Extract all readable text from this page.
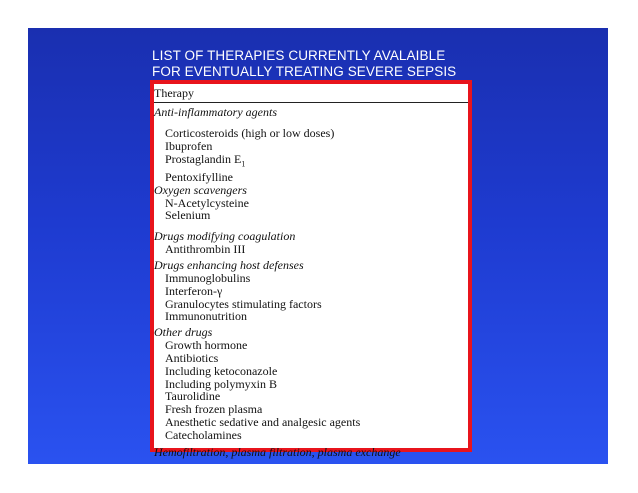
LIST OF THERAPIES CURRENTLY AVALAIBLE
FOR EVENTUALLY TREATING SEVERE SEPSIS
Therapy
Anti-inflammatory agents
Corticosteroids (high or low doses)
Ibuprofen
Prostaglandin $E_1$
Pentoxifylline
Oxygen scavengers
N-Acetylcysteine
Selenium
Drugs modifying coagulation
Antithrombin III
Drugs enhancing host defenses
Immunoglobulins
Interferon-γ
Granulocytes stimulating factors
Immunonutrition
Other drugs
Growth hormone
Antibiotics
Including ketoconazole
Including polymyxin B
Taurolidine
Fresh frozen plasma
Anesthetic sedative and analgesic agents
Catecholamines
Hemofiltration, plasma filtration, plasma exchange
